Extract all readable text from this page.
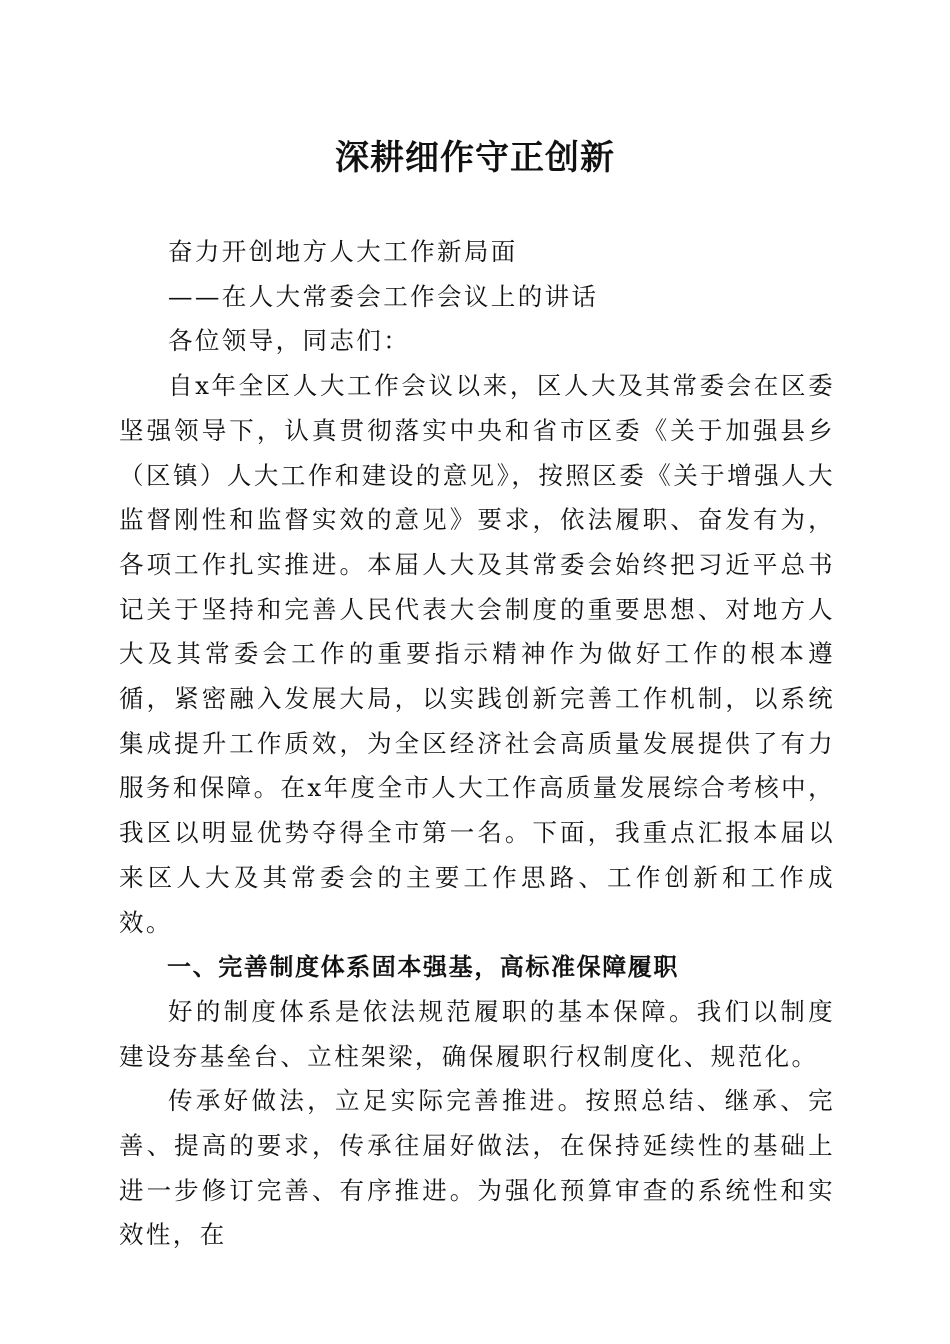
深耕细作守正创新

奋力开创地方人大工作新局面

——在人大常委会工作会议上的讲话

各位领导，同志们：

自x年全区人大工作会议以来，区人大及其常委会在区委坚强领导下，认真贯彻落实中央和省市区委《关于加强县乡（区镇）人大工作和建设的意见》，按照区委《关于增强人大监督刚性和监督实效的意见》要求，依法履职、奋发有为，各项工作扎实推进。本届人大及其常委会始终把习近平总书记关于坚持和完善人民代表大会制度的重要思想、对地方人大及其常委会工作的重要指示精神作为做好工作的根本遵循，紧密融入发展大局，以实践创新完善工作机制，以系统集成提升工作质效，为全区经济社会高质量发展提供了有力服务和保障。在x年度全市人大工作高质量发展综合考核中，我区以明显优势夺得全市第一名。下面，我重点汇报本届以来区人大及其常委会的主要工作思路、工作创新和工作成效。

一、完善制度体系固本强基，高标准保障履职

好的制度体系是依法规范履职的基本保障。我们以制度建设夯基垒台、立柱架梁，确保履职行权制度化、规范化。

传承好做法，立足实际完善推进。按照总结、继承、完善、提高的要求，传承往届好做法，在保持延续性的基础上进一步修订完善、有序推进。为强化预算审查的系统性和实效性，在
